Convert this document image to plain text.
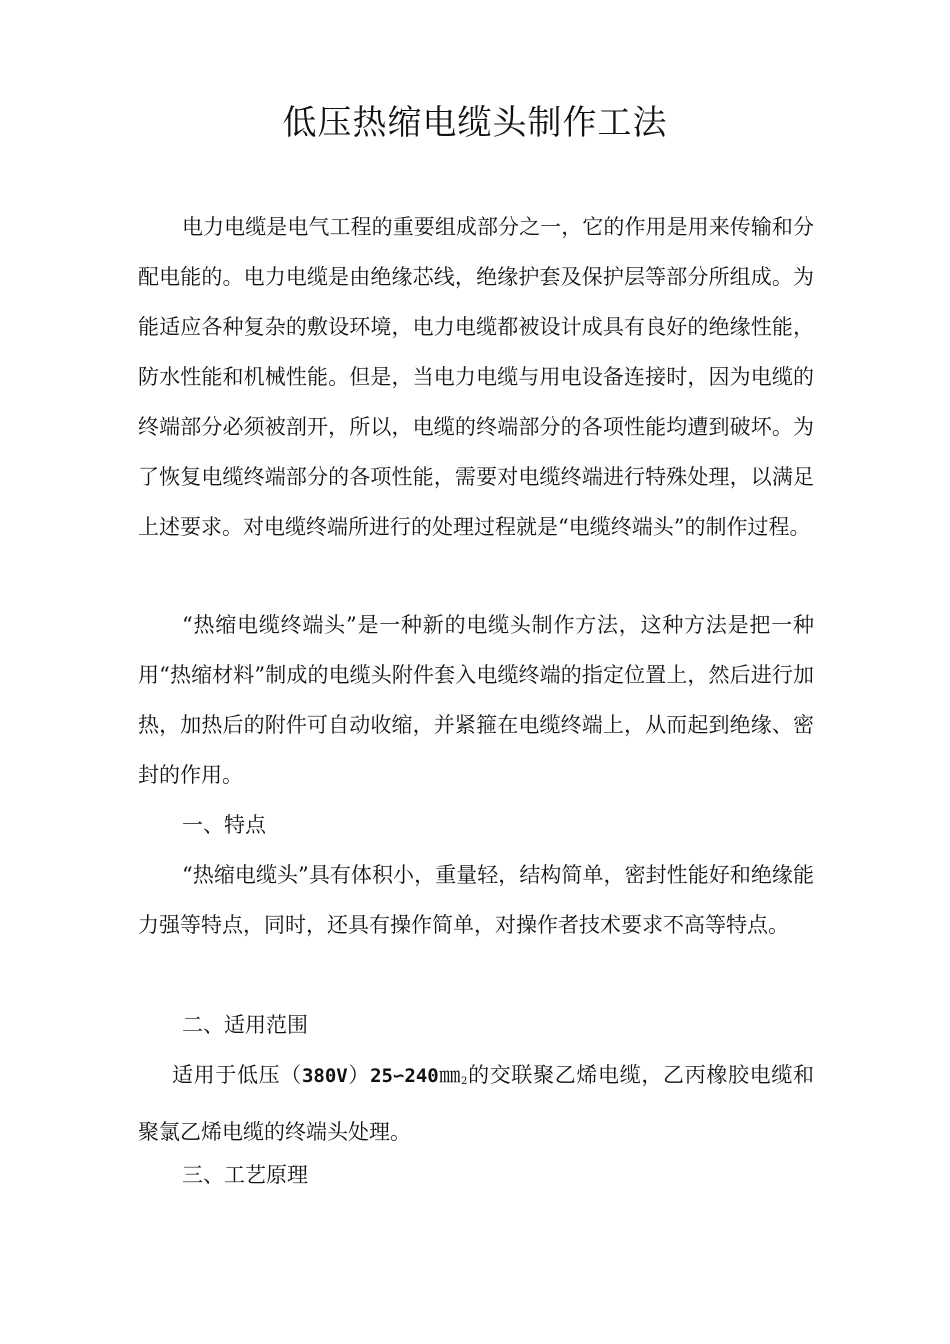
低压热缩电缆头制作工法

电力电缆是电气工程的重要组成部分之一，它的作用是用来传输和分配电能的。电力电缆是由绝缘芯线，绝缘护套及保护层等部分所组成。为能适应各种复杂的敷设环境，电力电缆都被设计成具有良好的绝缘性能，防水性能和机械性能。但是，当电力电缆与用电设备连接时，因为电缆的终端部分必须被剖开，所以，电缆的终端部分的各项性能均遭到破坏。为了恢复电缆终端部分的各项性能，需要对电缆终端进行特殊处理，以满足上述要求。对电缆终端所进行的处理过程就是“电缆终端头”的制作过程。

“热缩电缆终端头”是一种新的电缆头制作方法，这种方法是把一种用“热缩材料”制成的电缆头附件套入电缆终端的指定位置上，然后进行加热，加热后的附件可自动收缩，并紧箍在电缆终端上，从而起到绝缘、密封的作用。

一、特点

“热缩电缆头”具有体积小，重量轻，结构简单，密封性能好和绝缘能力强等特点，同时，还具有操作简单，对操作者技术要求不高等特点。

二、适用范围

适用于低压$(380V)25∽240㎜_2$的交联聚乙烯电缆，乙丙橡胶电缆和聚氯乙烯电缆的终端头处理。

三、工艺原理
